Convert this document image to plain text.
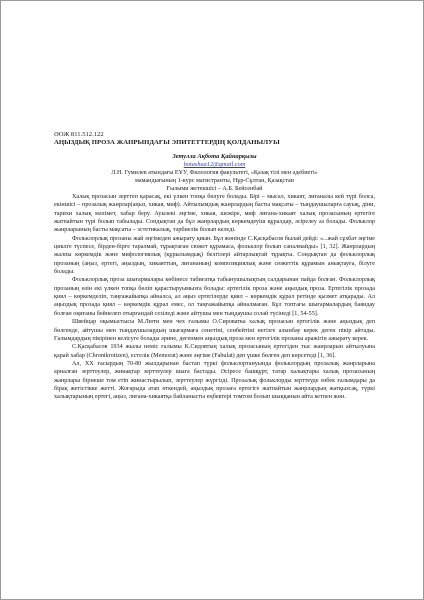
ӘОЖ 811.512.122

АҢЫЗДЫҚ ПРОЗА ЖАНРЫНДАҒЫ ЭПИТЕТТЕРДІҢ ҚОЛДАНЫЛУЫ

Зетулла Ақбота Қайнарқызы
botashaa12@gmail.com
Л.Н. Гумилев атындағы ЕҰУ, Филология факультеті, «Қазақ тілі мен әдебиеті»
мамандығының 1-курс магистранты, Нұр-Сұлтан, Қазақстан
Ғылыми жетекшісі – А.Б. Бейсенбай

Халық прозасын зерттеп қарасақ, екі үлкен топқа бөлуге болады. Бірі – мысал, хикаят, лиғаналы кей түрі болса, екіншісі – прозалық жанрлар(аңыз, хикая, миф). Айтылымдық жанрлардың басты мақсаты – тыңдаушыларға сауық, діни, тарихи халық мәлімет, хабар беру. Ауызекі әңгіме, хикая, шежіре, миф лиғана-хикаят халық прозасының ертегіге жатпайтын түрі болып табылады. Сондықтан да бұл жанрлардың көркемдеуіш құралдар, әсірелеу аз болады. Фольклор жанрларының басты мақсаты – эстетикалық, тәрбиелік болып келеді.

Фольклорлық прозаны жай әңгімеден ажырату қиын. Бұл жөнінде С.Қасқабасов былай дейді: «...жай сұхбат әңгіме циклге түспесе, бірден-бірге таралмай, тұрақтаған сюжет құрамаса, фольклор болып саналмайды» [1, 32]. Жанрлардың жалпы көркемдік және мифологиялық (құрылымдық) белгілері айтарлықтай тұрақты. Сондықтан да фольклорлық прозаның (аңыз, ертегі, аңыздың, хикаяттың, лиғананың) композициялық және сюжеттік құрамын анықтауға, білуге болады.

Фольклорлық проза шығармалары көбінесе табиғатқа табынушылықтың салдарынан пайда болған. Фольклорлық прозаның өзін екі үлкен топқа бөліп қарастыруымызға болады: ертегілік проза және аңыздық проза. Ертегілік прозада қиял – көркемделіп, таңғажайыпқа айналса, ал аңыз ертегілерде қиял – көркемдік құрал ретінде қызмет атқарады. Ал аңыздық прозада қиял – көркемдік құрал емес, ол таңғажайыпқа айналмаған. Бұл топтағы шығармалардың баяндау болған оқиғаны бейнелеп отырғандай сезіледі және айтушы мен тыңдаушы солай түсінеді [1, 54-55].

Швейцар оқымыстысы М.Люти мен чех ғалымы О.Сироватка халық прозасын ертегілік және аңыздық деп бөлгенде, айтушы мен тыңдаушылардың шығармаға сенетіні, сенбейтіні негізге алынбау керек деген пікір айтады. Ғалымдардың пікірінен келісуге болады әрине, дегенмен аңыздық проза мен ертегілік прозаны аражігін ажырату керек.

С.Қасқабасов 1934 жылы неміс ғалымы К.Сидовтың халық прозасының ертегіден тыс жанрларын айтылуына қарай хабар (Chronikrotizen), естелік (Memorat) және әңгіме (Fabulat) деп үшке бөлген деп көрсетеді [1, 36].

Ал, ХХ ғасырдың 70-80 жылдарынан бастап түркі фольклортануында фольклордың прозалық жанрларына арналған зерттеулер, жинақтар зерттеулер шыға бастады. Әсіресе башқұрт, татар халықтары халық прозасының жанрлары бірнеше том етіп жинастырылып, зерттеулер жүргізді. Прозалық фольклорды зерттеуде өзбек ғалымдары да бірақ жетістікке жетті. Жоғарыда атап өткендей, аңыздық прозаға ертегіге жатпайтын жанрлардың жатқызсақ, түркі халықтарының ертегі, аңыз, лиғана-хикаятқа байланысты еңбектері томтом болып шыққанын айта кетпен жөн.
